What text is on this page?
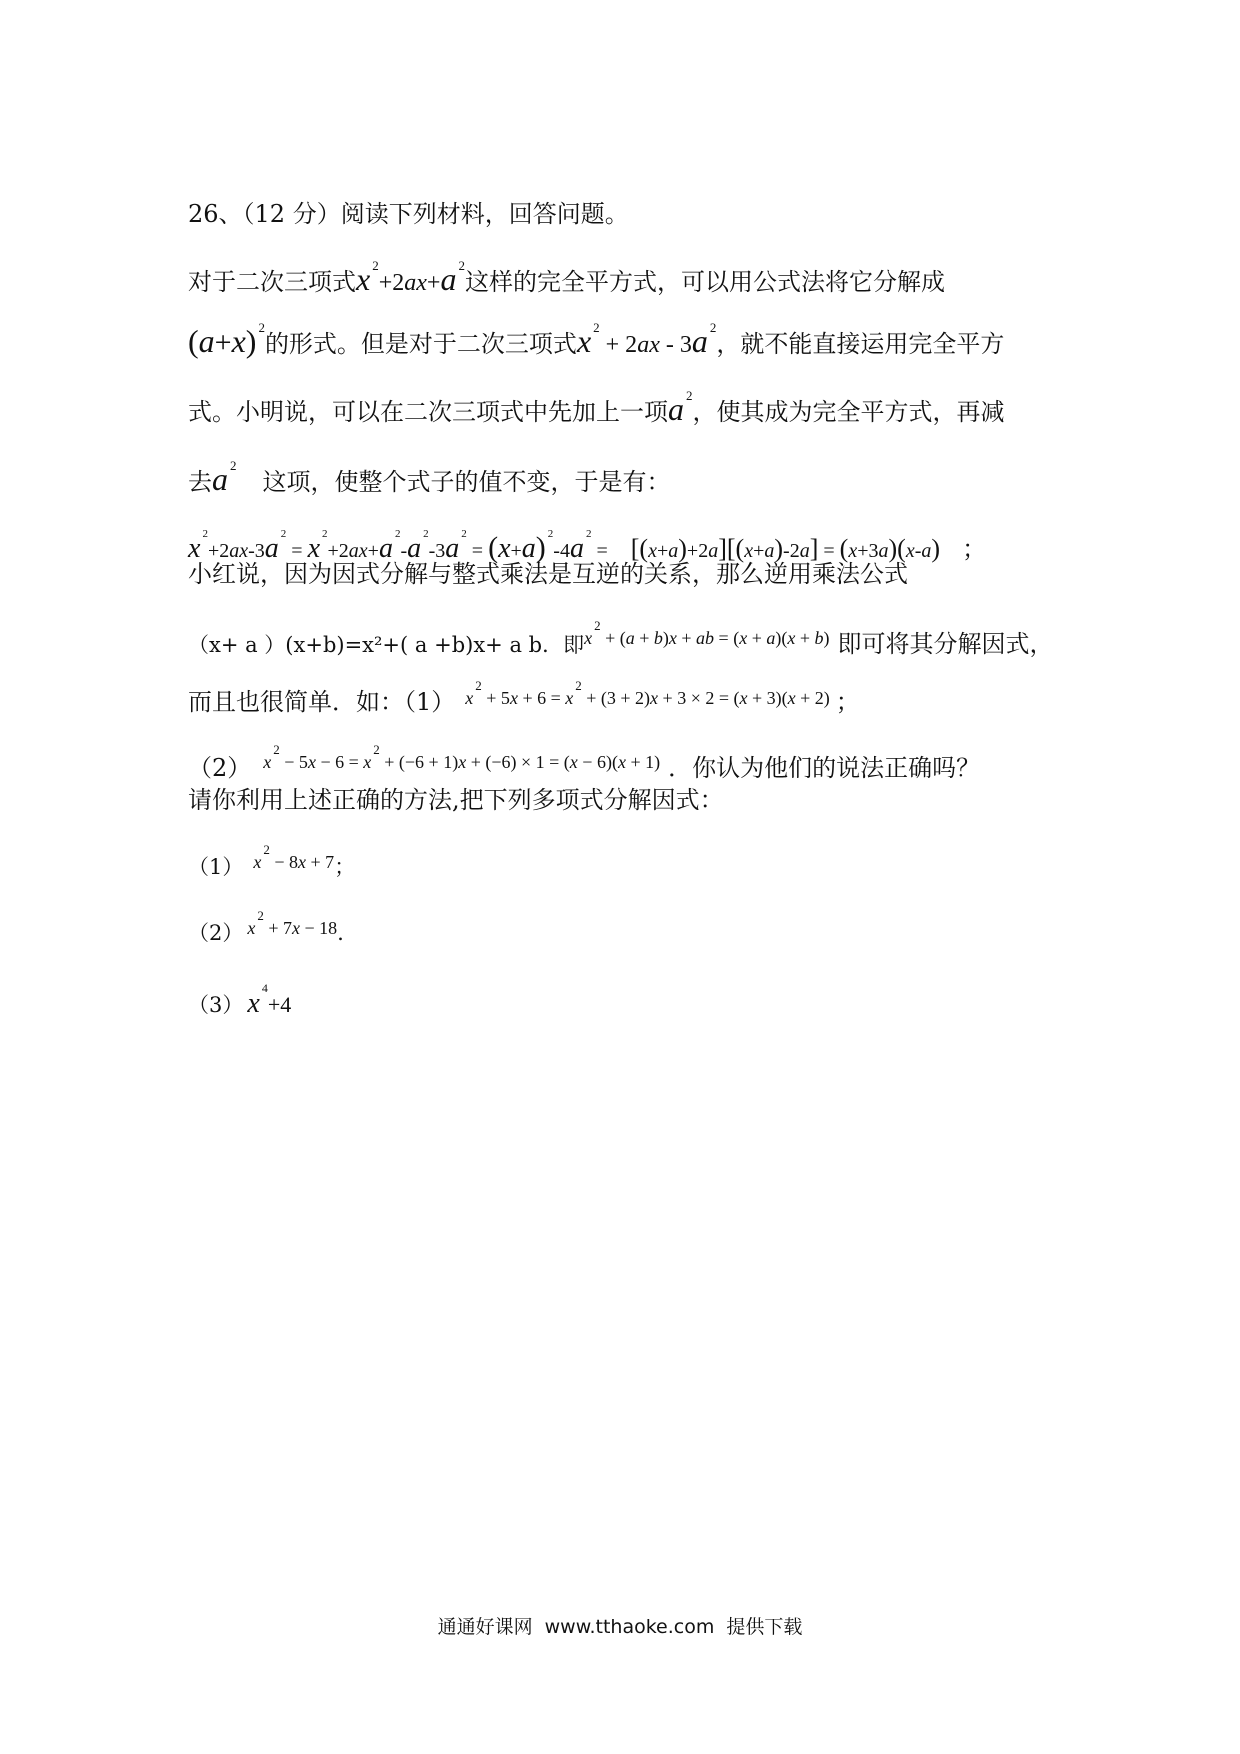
26、（12 分）阅读下列材料，回答问题。
对于二次三项式x $^2$+2ax+a $^2$这样的完全平方式，可以用公式法将它分解成
(a+x) $^2$的形式。但是对于二次三项式x $^2$ + 2ax - 3a $^2$，就不能直接运用完全平方
式。小明说，可以在二次三项式中先加上一项a $^2$，使其成为完全平方式，再减
去a $^2$这项，使整个式子的值不变，于是有：
x $^2$+2ax-3a $^2$ = x $^2$+2ax+a $^2$-a $^2$-3a $^2$ = (x+a) $^2$-4a $^2$ = [(x+a)+2a][(x+a)-2a] = (x+3a)(x-a) ；
小红说，因为因式分解与整式乘法是互逆的关系，那么逆用乘法公式
（x+ a ）(x+b)=x²+( a +b)x+ a b．即$^{x^2 + (a + b)x + ab = (x + a)(x + b)}$ 即可将其分解因式，
而且也很简单．如：（1） $^{x^2 + 5x + 6 = x^2 + (3 + 2)x + 3 \times 2 = (x + 3)(x + 2)}$ ；
（2） $^{x^2 - 5x - 6 = x^2 + (-6 + 1)x + (-6) \times 1 = (x - 6)(x + 1)}$ ．你认为他们的说法正确吗？
请你利用上述正确的方法,把下列多项式分解因式：
（1） $x^2 - 8x + 7$；
（2） $x^2 + 7x - 18$．
（3） x $^4$+4
通通好课网 www.tthaoke.com 提供下载
